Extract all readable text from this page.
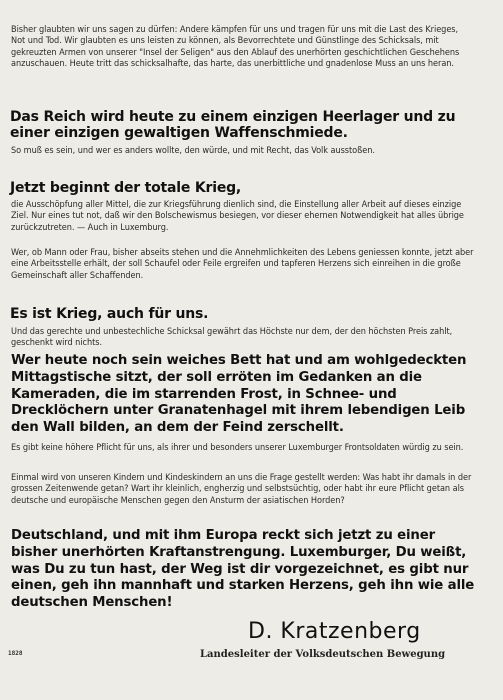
Bisher glaubten wir uns sagen zu dürfen: Andere kämpfen für uns und tragen für uns mit die Last des Krieges, Not und Tod. Wir glaubten es uns leisten zu können, als Bevorrechtete und Günstlinge des Schicksals, mit gekreuzten Armen von unserer "Insel der Seligen" aus den Ablauf des unerhörten geschichtlichen Geschehens anzuschauen. Heute tritt das schicksalhafte, das harte, das unerbittliche und gnadenlose Muss an uns heran.

Das Reich wird heute zu einem einzigen Heerlager und zu einer einzigen gewaltigen Waffenschmiede.

So muß es sein, und wer es anders wollte, den würde, und mit Recht, das Volk ausstoßen.

Jetzt beginnt der totale Krieg,

die Ausschöpfung aller Mittel, die zur Kriegsführung dienlich sind, die Einstellung aller Arbeit auf dieses einzige Ziel. Nur eines tut not, daß wir den Bolschewismus besiegen, vor dieser ehernen Notwendigkeit hat alles übrige zurückzutreten. — Auch in Luxemburg.

Wer, ob Mann oder Frau, bisher abseits stehen und die Annehmlichkeiten des Lebens geniessen konnte, jetzt aber eine Arbeitsstelle erhält, der soll Schaufel oder Feile ergreifen und tapferen Herzens sich einreihen in die große Gemeinschaft aller Schaffenden.

Es ist Krieg, auch für uns.

Und das gerechte und unbestechliche Schicksal gewährt das Höchste nur dem, der den höchsten Preis zahlt, geschenkt wird nichts.

Wer heute noch sein weiches Bett hat und am wohlgedeckten Mittagstische sitzt, der soll erröten im Gedanken an die Kameraden, die im starrenden Frost, in Schnee- und Drecklöchern unter Granatenhagel mit ihrem lebendigen Leib den Wall bilden, an dem der Feind zerschellt.

Es gibt keine höhere Pflicht für uns, als ihrer und besonders unserer Luxemburger Frontsoldaten würdig zu sein.

Einmal wird von unseren Kindern und Kindeskindern an uns die Frage gestellt werden: Was habt ihr damals in der grossen Zeitenwende getan? Wart ihr kleinlich, engherzig und selbstsüchtig, oder habt ihr eure Pflicht getan als deutsche und europäische Menschen gegen den Ansturm der asiatischen Horden?

Deutschland, und mit ihm Europa reckt sich jetzt zu einer bisher unerhörten Kraftanstrengung. Luxemburger, Du weißt, was Du zu tun hast, der Weg ist dir vorgezeichnet, es gibt nur einen, geh ihn mannhaft und starken Herzens, geh ihn wie alle deutschen Menschen!

D. Kratzenberg

Landesleiter der Volksdeutschen Bewegung

1828
